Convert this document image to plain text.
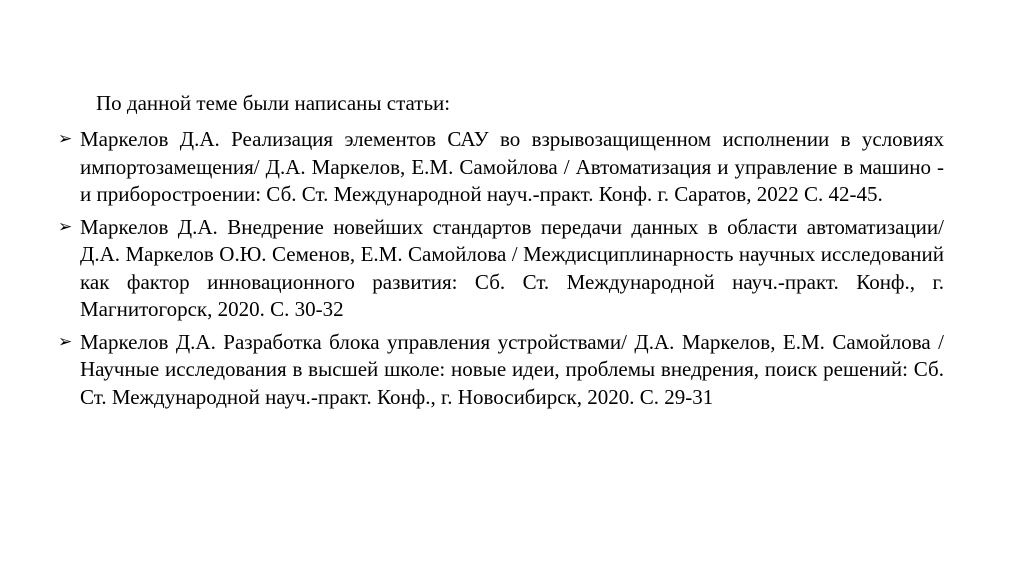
По данной теме были написаны статьи:
➢ Маркелов Д.А. Реализация элементов САУ во взрывозащищенном исполнении в условиях импортозамещения/ Д.А. Маркелов, Е.М. Самойлова / Автоматизация и управление в машино - и приборостроении: Сб. Ст. Международной науч.-практ. Конф. г. Саратов, 2022 С. 42-45.
➢ Маркелов Д.А. Внедрение новейших стандартов передачи данных в области автоматизации/ Д.А. Маркелов О.Ю. Семенов, Е.М. Самойлова / Междисциплинарность научных исследований как фактор инновационного развития: Сб. Ст. Международной науч.-практ. Конф., г. Магнитогорск, 2020. С. 30-32
➢ Маркелов Д.А. Разработка блока управления устройствами/ Д.А. Маркелов, Е.М. Самойлова / Научные исследования в высшей школе: новые идеи, проблемы внедрения, поиск решений: Сб. Ст. Международной науч.-практ. Конф., г. Новосибирск, 2020. С. 29-31
